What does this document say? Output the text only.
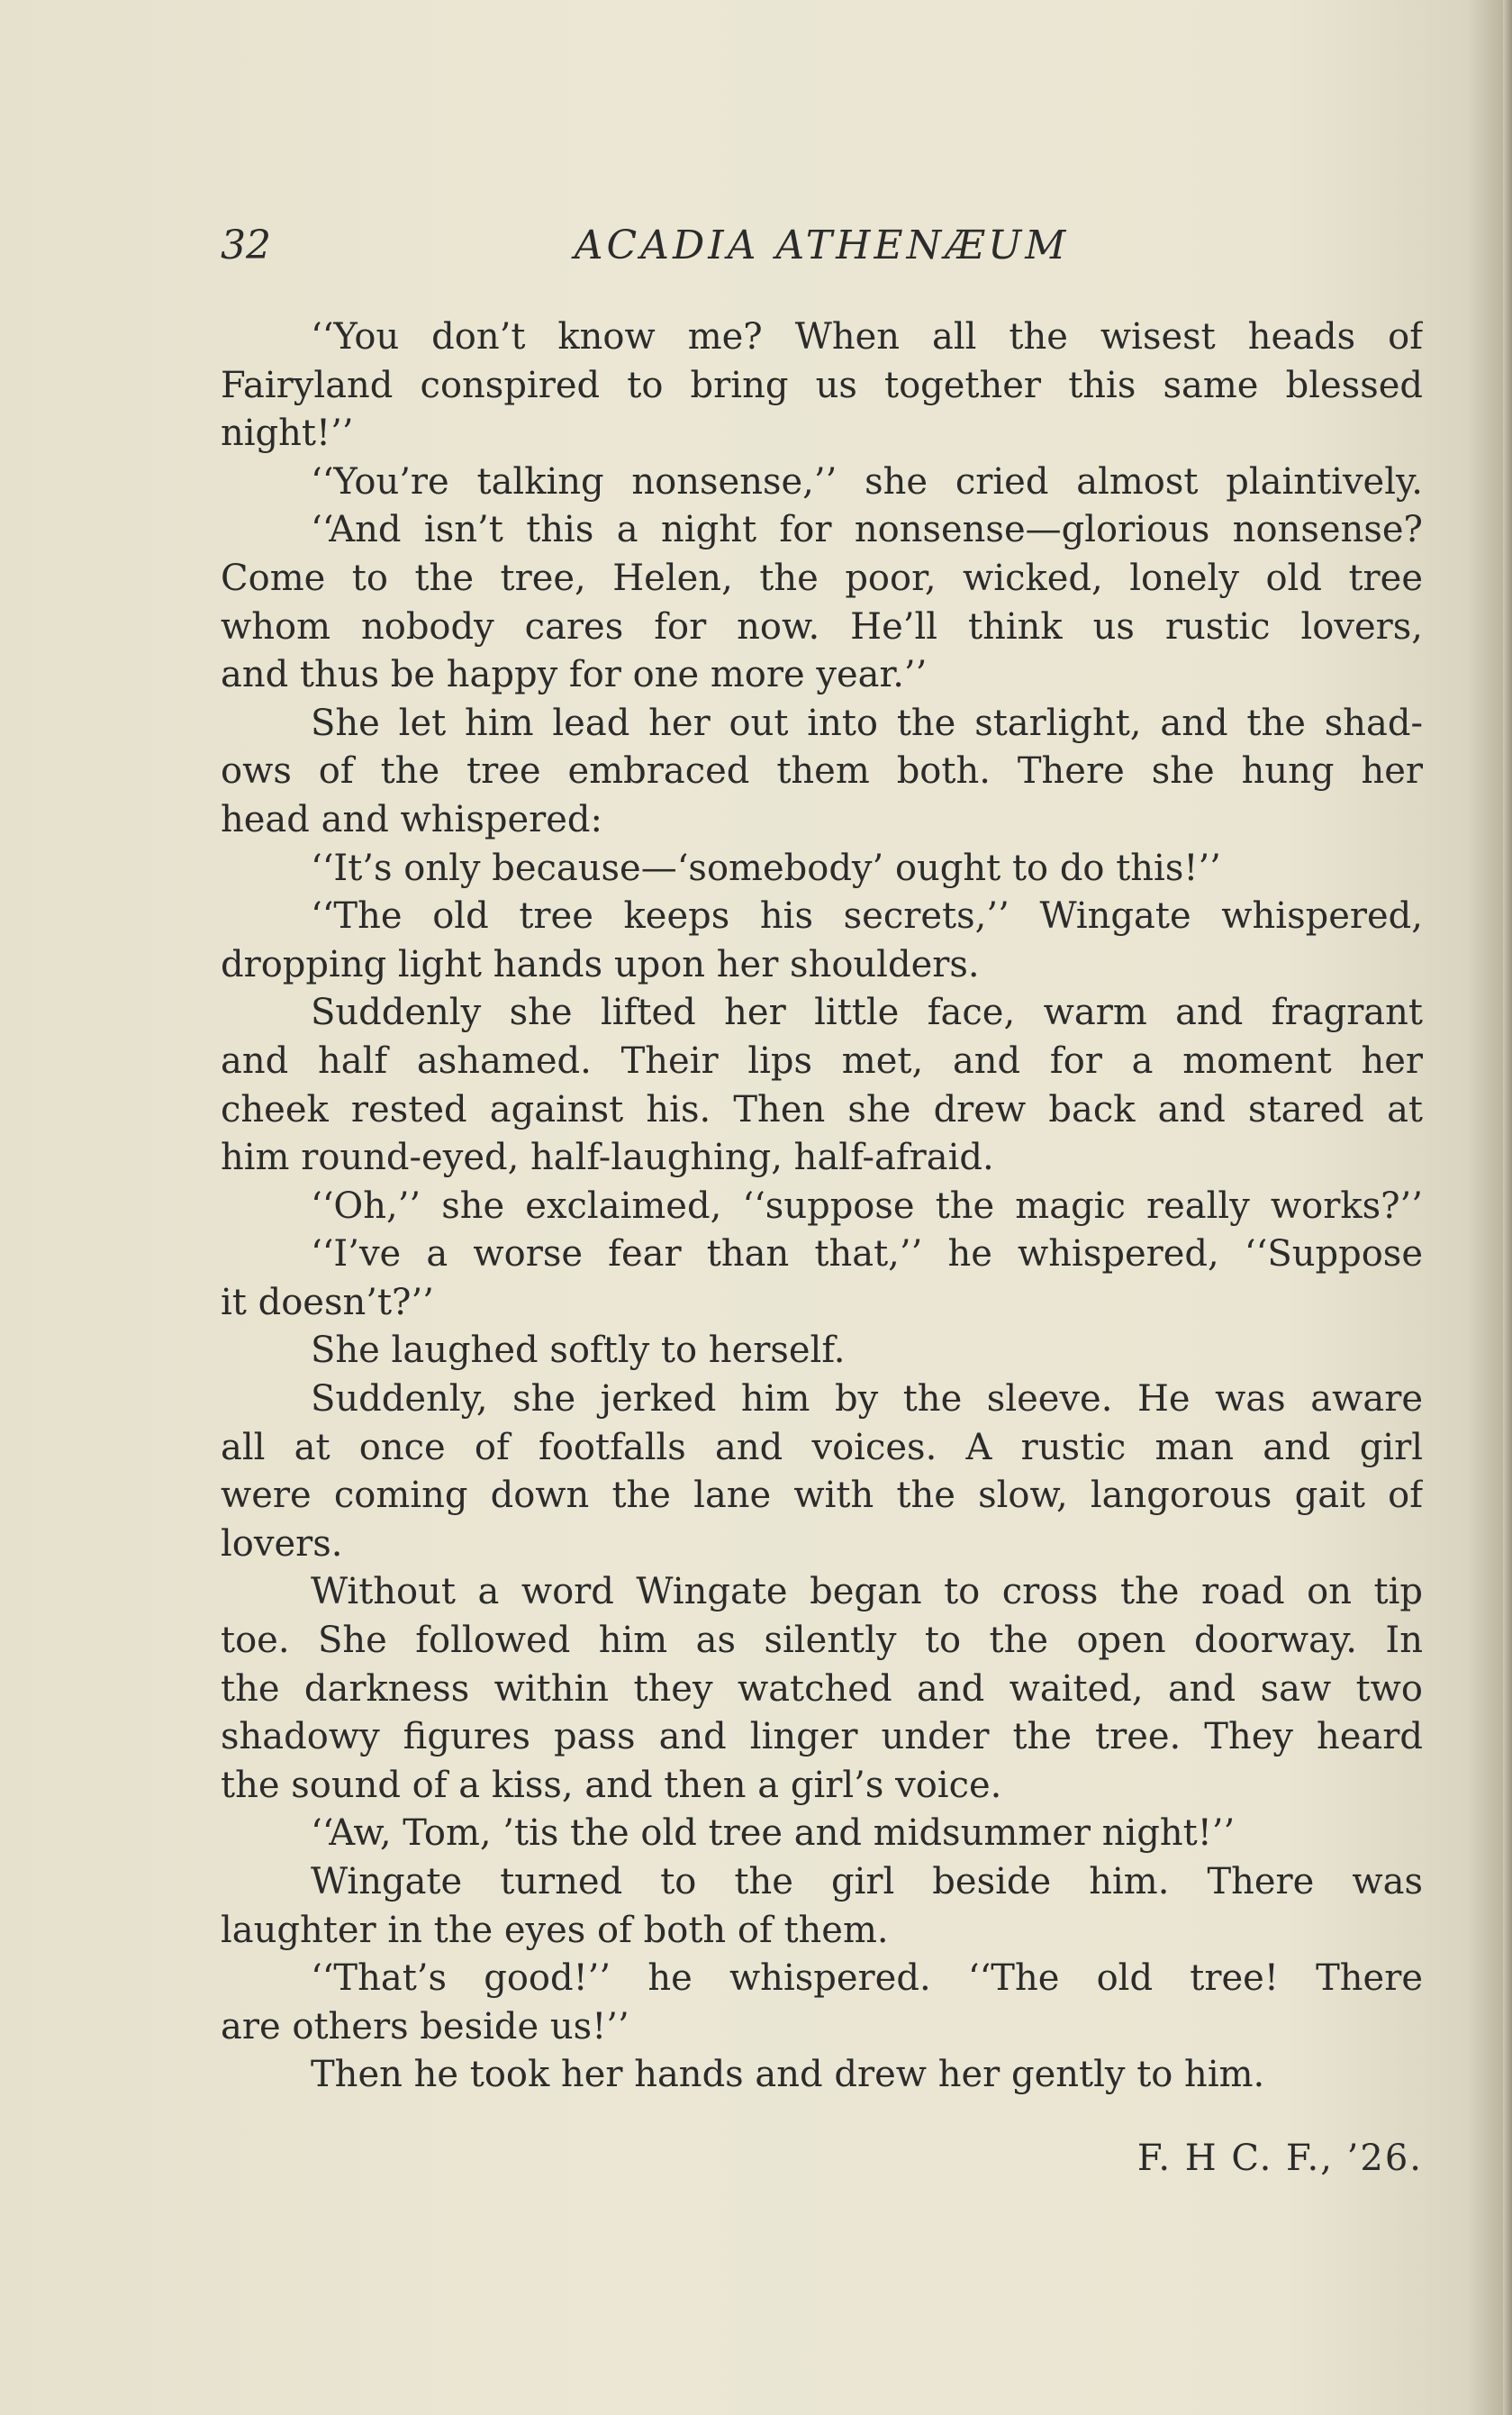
32	ACADIA ATHENÆUM
‘‘You don’t know me? When all the wisest heads of
Fairyland conspired to bring us together this same blessed
night!’’
‘‘You’re talking nonsense,’’ she cried almost plaintively.
‘‘And isn’t this a night for nonsense—glorious nonsense?
Come to the tree, Helen, the poor, wicked, lonely old tree
whom nobody cares for now. He’ll think us rustic lovers,
and thus be happy for one more year.’’
She let him lead her out into the starlight, and the shad-
ows of the tree embraced them both. There she hung her
head and whispered:
‘‘It’s only because—‘somebody’ ought to do this!’’
‘‘The old tree keeps his secrets,’’ Wingate whispered,
dropping light hands upon her shoulders.
Suddenly she lifted her little face, warm and fragrant
and half ashamed. Their lips met, and for a moment her
cheek rested against his. Then she drew back and stared at
him round-eyed, half-laughing, half-afraid.
‘‘Oh,’’ she exclaimed, ‘‘suppose the magic really works?’’
‘‘I’ve a worse fear than that,’’ he whispered, ‘‘Suppose
it doesn’t?’’
She laughed softly to herself.
Suddenly, she jerked him by the sleeve. He was aware
all at once of footfalls and voices. A rustic man and girl
were coming down the lane with the slow, langorous gait of
lovers.
Without a word Wingate began to cross the road on tip
toe. She followed him as silently to the open doorway. In
the darkness within they watched and waited, and saw two
shadowy figures pass and linger under the tree. They heard
the sound of a kiss, and then a girl’s voice.
‘‘Aw, Tom, ’tis the old tree and midsummer night!’’
Wingate turned to the girl beside him. There was
laughter in the eyes of both of them.
‘‘That’s good!’’ he whispered. ‘‘The old tree! There
are others beside us!’’
Then he took her hands and drew her gently to him.
F. H C. F., ’26.
